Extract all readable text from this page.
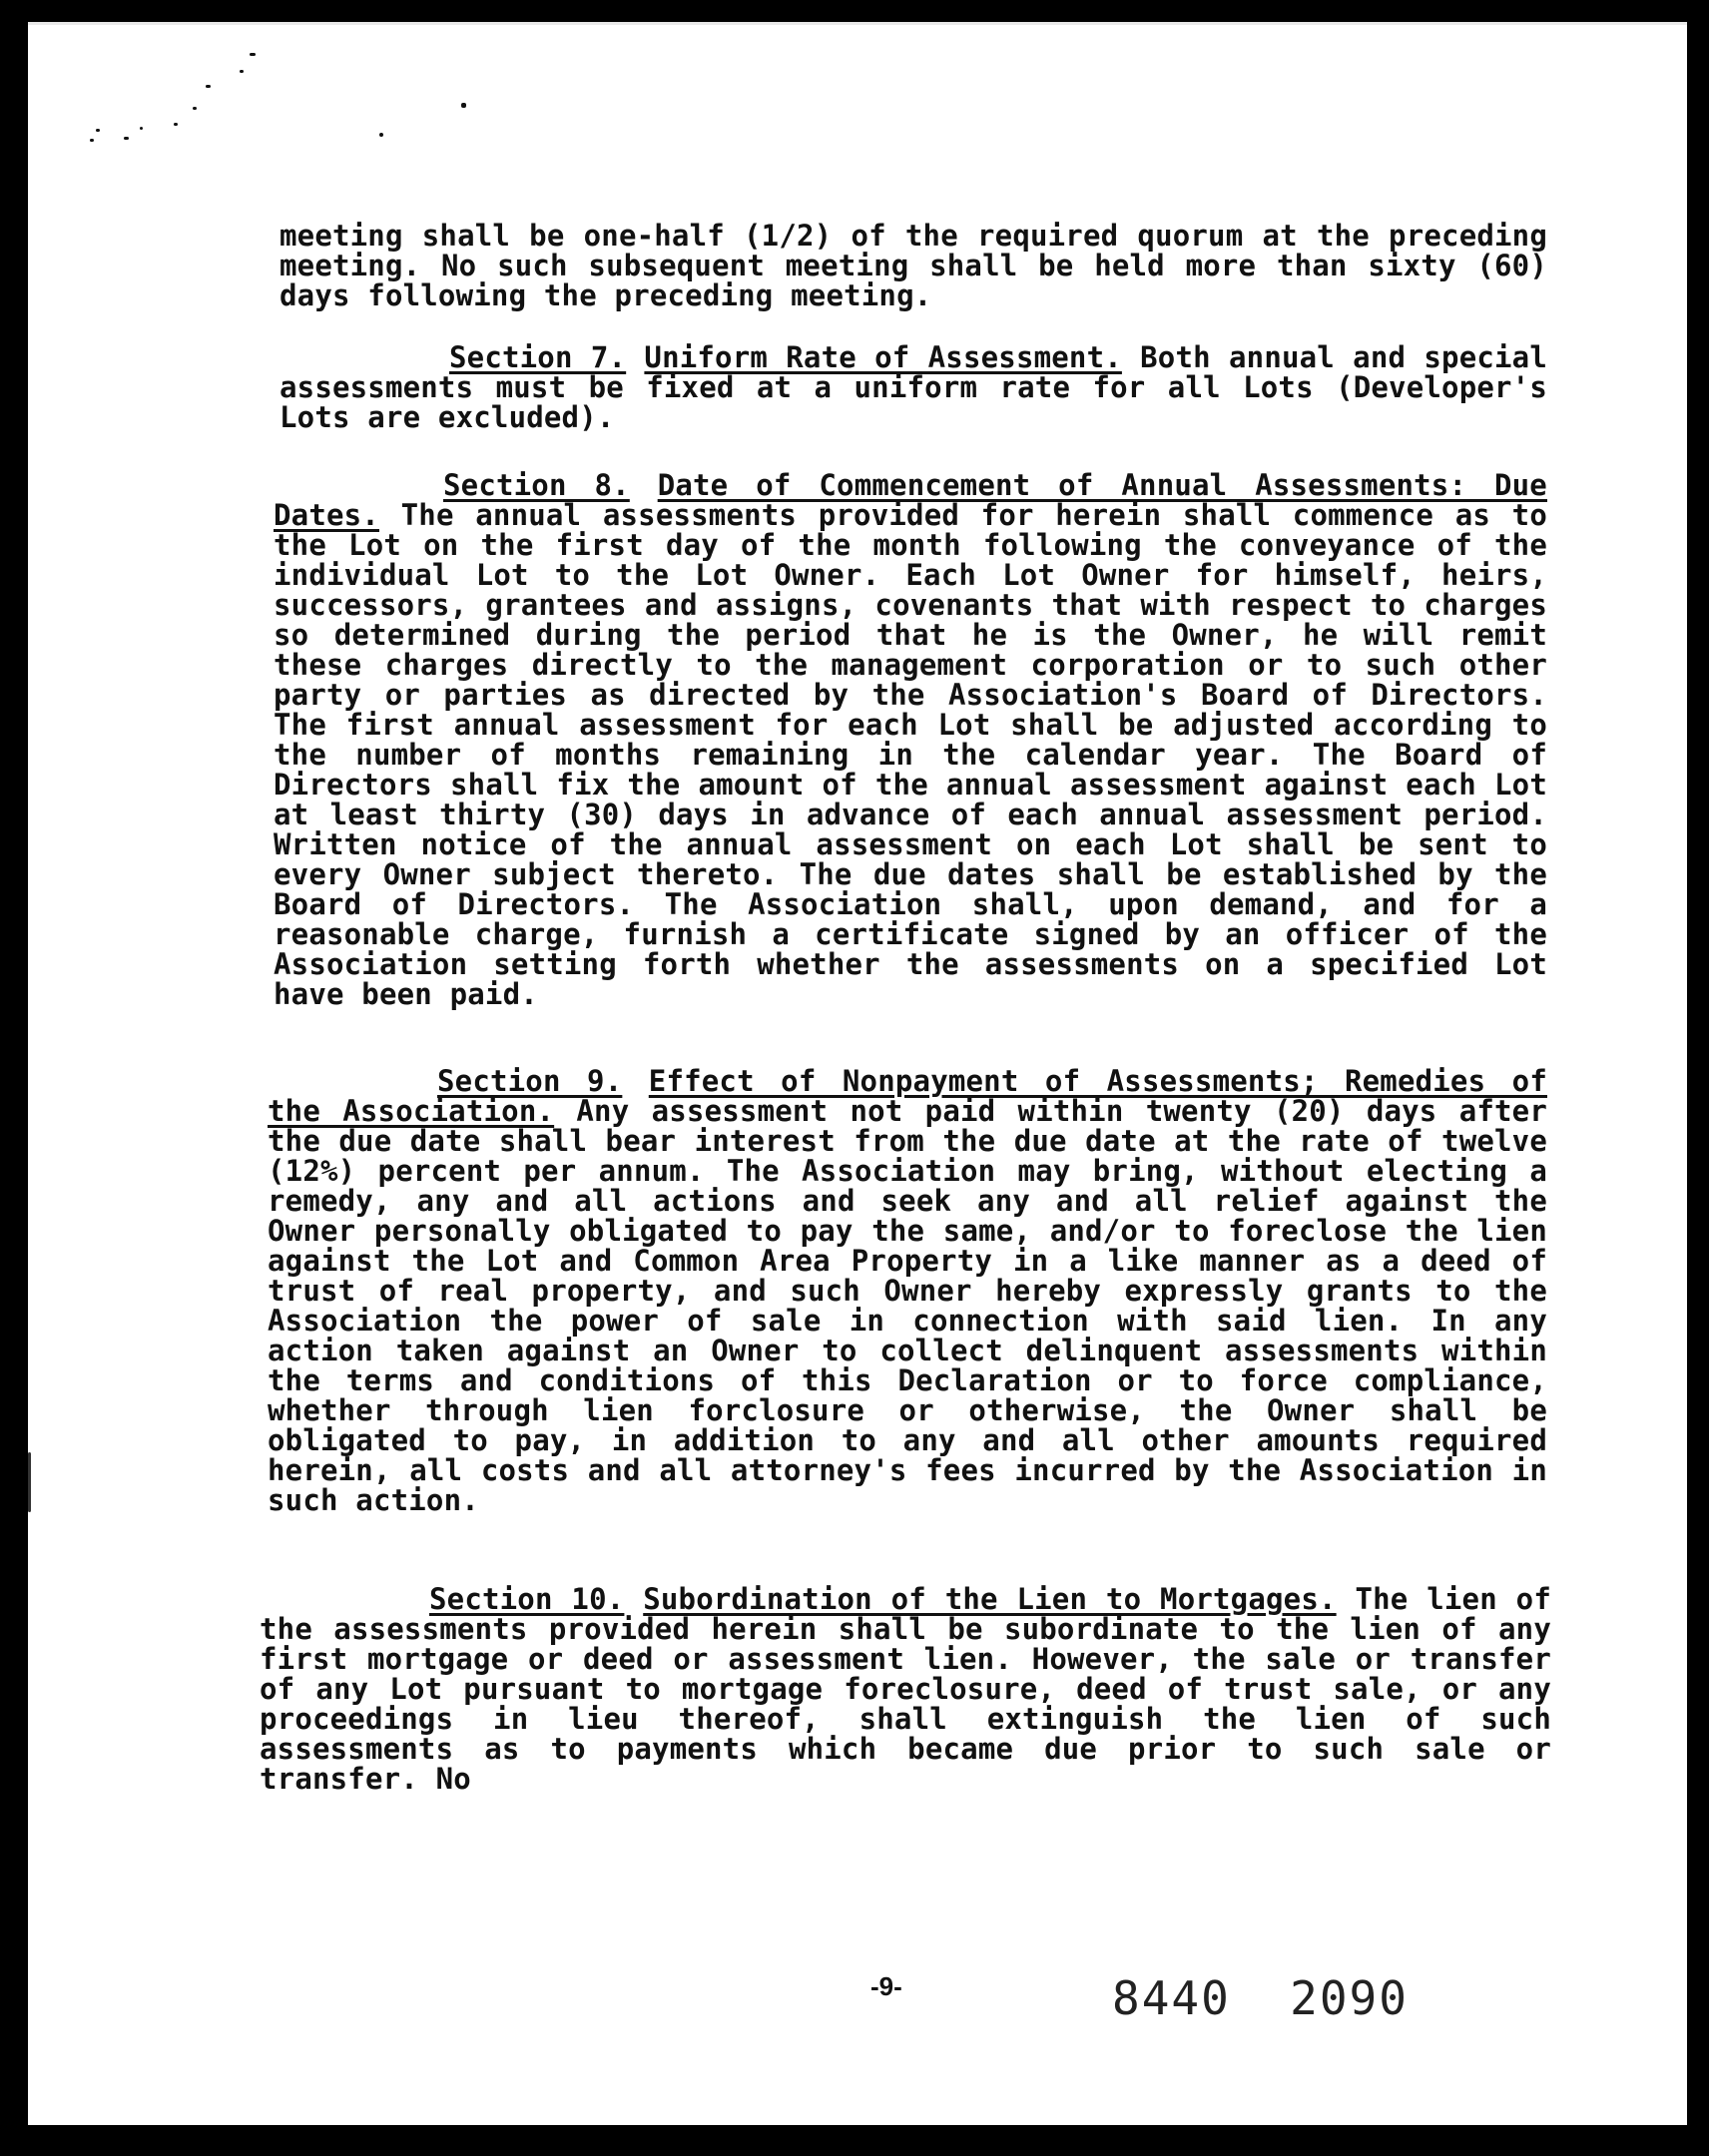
meeting shall be one-half (1/2) of the required quorum at the preceding meeting. No such subsequent meeting shall be held more than sixty (60) days following the preceding meeting.

Section 7. Uniform Rate of Assessment. Both annual and special assessments must be fixed at a uniform rate for all Lots (Developer's Lots are excluded).

Section 8. Date of Commencement of Annual Assessments: Due Dates. The annual assessments provided for herein shall commence as to the Lot on the first day of the month following the conveyance of the individual Lot to the Lot Owner. Each Lot Owner for himself, heirs, successors, grantees and assigns, covenants that with respect to charges so determined during the period that he is the Owner, he will remit these charges directly to the management corporation or to such other party or parties as directed by the Association's Board of Directors. The first annual assessment for each Lot shall be adjusted according to the number of months remaining in the calendar year. The Board of Directors shall fix the amount of the annual assessment against each Lot at least thirty (30) days in advance of each annual assessment period. Written notice of the annual assessment on each Lot shall be sent to every Owner subject thereto. The due dates shall be established by the Board of Directors. The Association shall, upon demand, and for a reasonable charge, furnish a certificate signed by an officer of the Association setting forth whether the assessments on a specified Lot have been paid.

Section 9. Effect of Nonpayment of Assessments; Remedies of the Association. Any assessment not paid within twenty (20) days after the due date shall bear interest from the due date at the rate of twelve (12%) percent per annum. The Association may bring, without electing a remedy, any and all actions and seek any and all relief against the Owner personally obligated to pay the same, and/or to foreclose the lien against the Lot and Common Area Property in a like manner as a deed of trust of real property, and such Owner hereby expressly grants to the Association the power of sale in connection with said lien. In any action taken against an Owner to collect delinquent assessments within the terms and conditions of this Declaration or to force compliance, whether through lien forclosure or otherwise, the Owner shall be obligated to pay, in addition to any and all other amounts required herein, all costs and all attorney's fees incurred by the Association in such action.

Section 10. Subordination of the Lien to Mortgages. The lien of the assessments provided herein shall be subordinate to the lien of any first mortgage or deed or assessment lien. However, the sale or transfer of any Lot pursuant to mortgage foreclosure, deed of trust sale, or any proceedings in lieu thereof, shall extinguish the lien of such assessments as to payments which became due prior to such sale or transfer. No

-9-	8440  2090
